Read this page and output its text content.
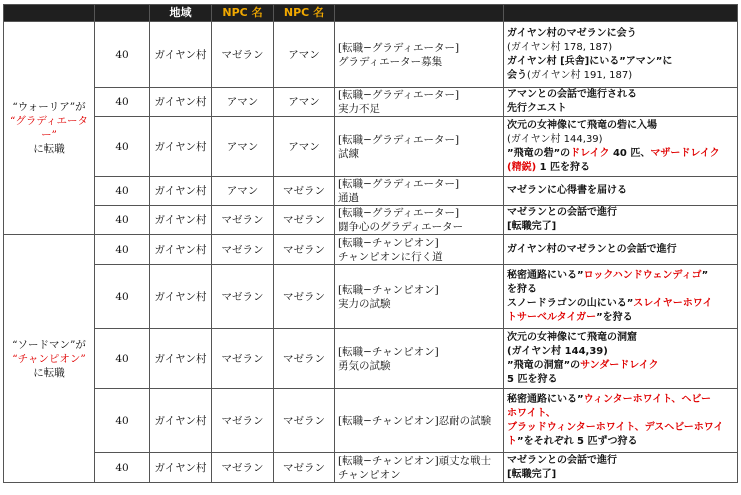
		地域	NPC 名	NPC 名		

“ウォーリア”が
“グラディエーター”
に転職	40	ガイヤン村	マゼラン	アマン	[転職−グラディエーター]
グラディエーター募集	ガイヤン村のマゼランに会う
(ガイヤン村 178, 187)
ガイヤン村 [兵舎]にいる”アマン”に
会う(ガイヤン村 191, 187)

	40	ガイヤン村	アマン	アマン	[転職−グラディエーター]
実力不足	アマンとの会話で進行される
先行クエスト

	40	ガイヤン村	アマン	アマン	[転職−グラディエーター]
試練	次元の女神像にて飛竜の砦に入場
(ガイヤン村 144,39)
”飛竜の砦”のドレイク 40 匹、マザードレイク
(精鋭) 1 匹を狩る

	40	ガイヤン村	アマン	マゼラン	[転職−グラディエーター]
通過	マゼランに心得書を届ける

	40	ガイヤン村	マゼラン	マゼラン	[転職−グラディエーター]
闘争心のグラディエーター	マゼランとの会話で進行
[転職完了]

“ソードマン”が
“チャンピオン”
に転職	40	ガイヤン村	マゼラン	マゼラン	[転職−チャンピオン]
チャンピオンに行く道	ガイヤン村のマゼランとの会話で進行

	40	ガイヤン村	マゼラン	マゼラン	[転職−チャンピオン]
実力の試験	秘密通路にいる”ロックハンドウェンディゴ”
を狩る
スノードラゴンの山にいる”スレイヤーホワイ
トサーベルタイガー”を狩る

	40	ガイヤン村	マゼラン	マゼラン	[転職−チャンピオン]
勇気の試験	次元の女神像にて飛竜の洞窟
(ガイヤン村 144,39)
”飛竜の洞窟”のサンダードレイク
5 匹を狩る

	40	ガイヤン村	マゼラン	マゼラン	[転職−チャンピオン]忍耐の試験	秘密通路にいる”ウィンターホワイト、ヘビー
ホワイト、
ブラッドウィンターホワイト、デスヘビーホワイ
ト”をそれぞれ 5 匹ずつ狩る

	40	ガイヤン村	マゼラン	マゼラン	[転職−チャンピオン]頑丈な戦士
チャンピオン	マゼランとの会話で進行
[転職完了]
